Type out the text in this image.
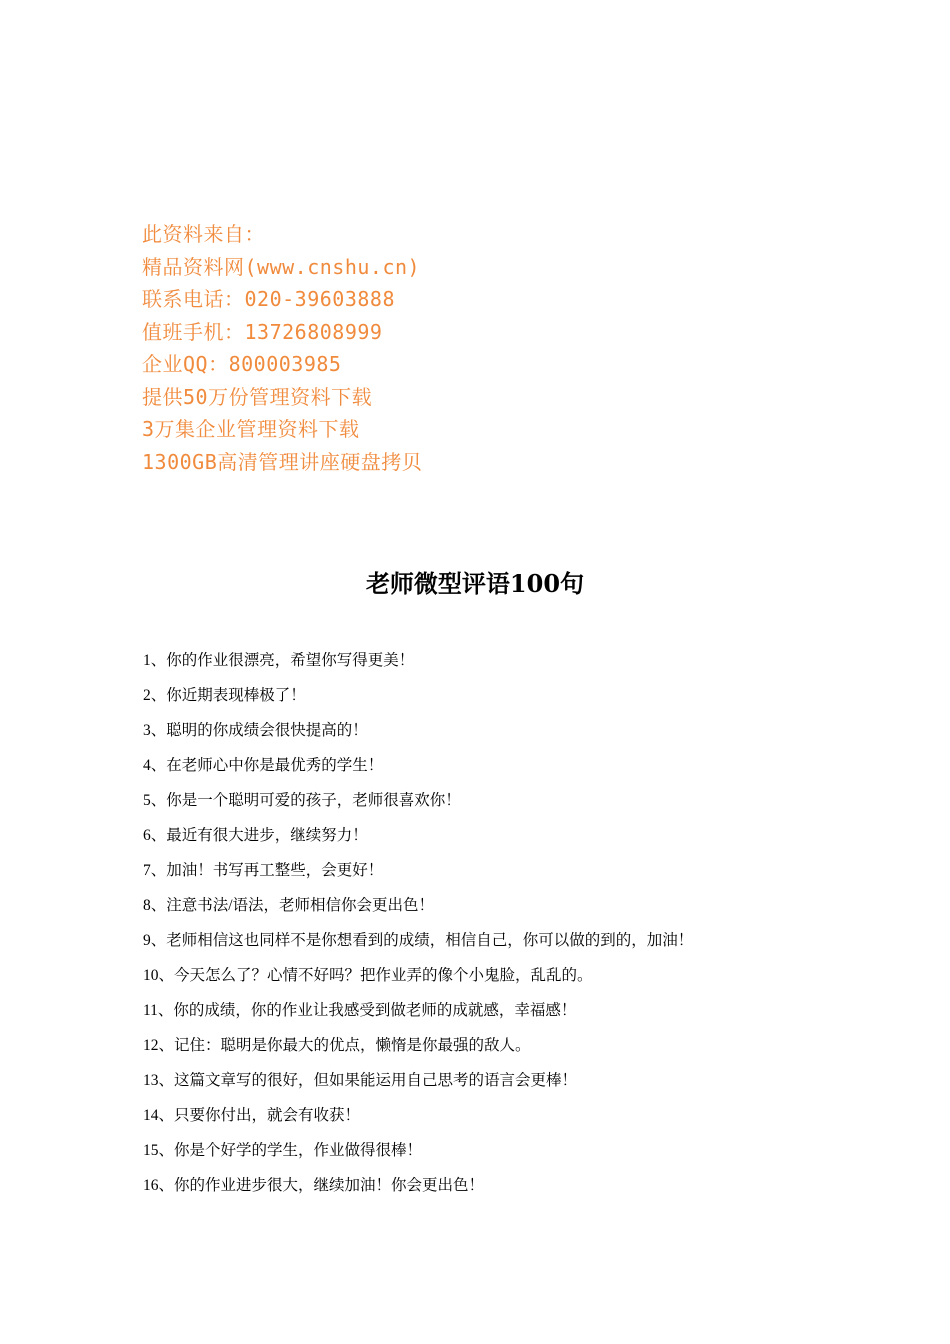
此资料来自：
精品资料网(www.cnshu.cn)
联系电话：020-39603888
值班手机：13726808999
企业QQ：800003985
提供50万份管理资料下载
3万集企业管理资料下载
1300GB高清管理讲座硬盘拷贝
老师微型评语100句
1、你的作业很漂亮，希望你写得更美！
2、你近期表现棒极了！
3、聪明的你成绩会很快提高的！
4、在老师心中你是最优秀的学生！
5、你是一个聪明可爱的孩子，老师很喜欢你！
6、最近有很大进步，继续努力！
7、加油！书写再工整些，会更好！
8、注意书法/语法，老师相信你会更出色！
9、老师相信这也同样不是你想看到的成绩，相信自己，你可以做的到的，加油！
10、今天怎么了？心情不好吗？把作业弄的像个小鬼脸，乱乱的。
11、你的成绩，你的作业让我感受到做老师的成就感，幸福感！
12、记住：聪明是你最大的优点，懒惰是你最强的敌人。
13、这篇文章写的很好，但如果能运用自己思考的语言会更棒！
14、只要你付出，就会有收获！
15、你是个好学的学生，作业做得很棒！
16、你的作业进步很大，继续加油！你会更出色！
